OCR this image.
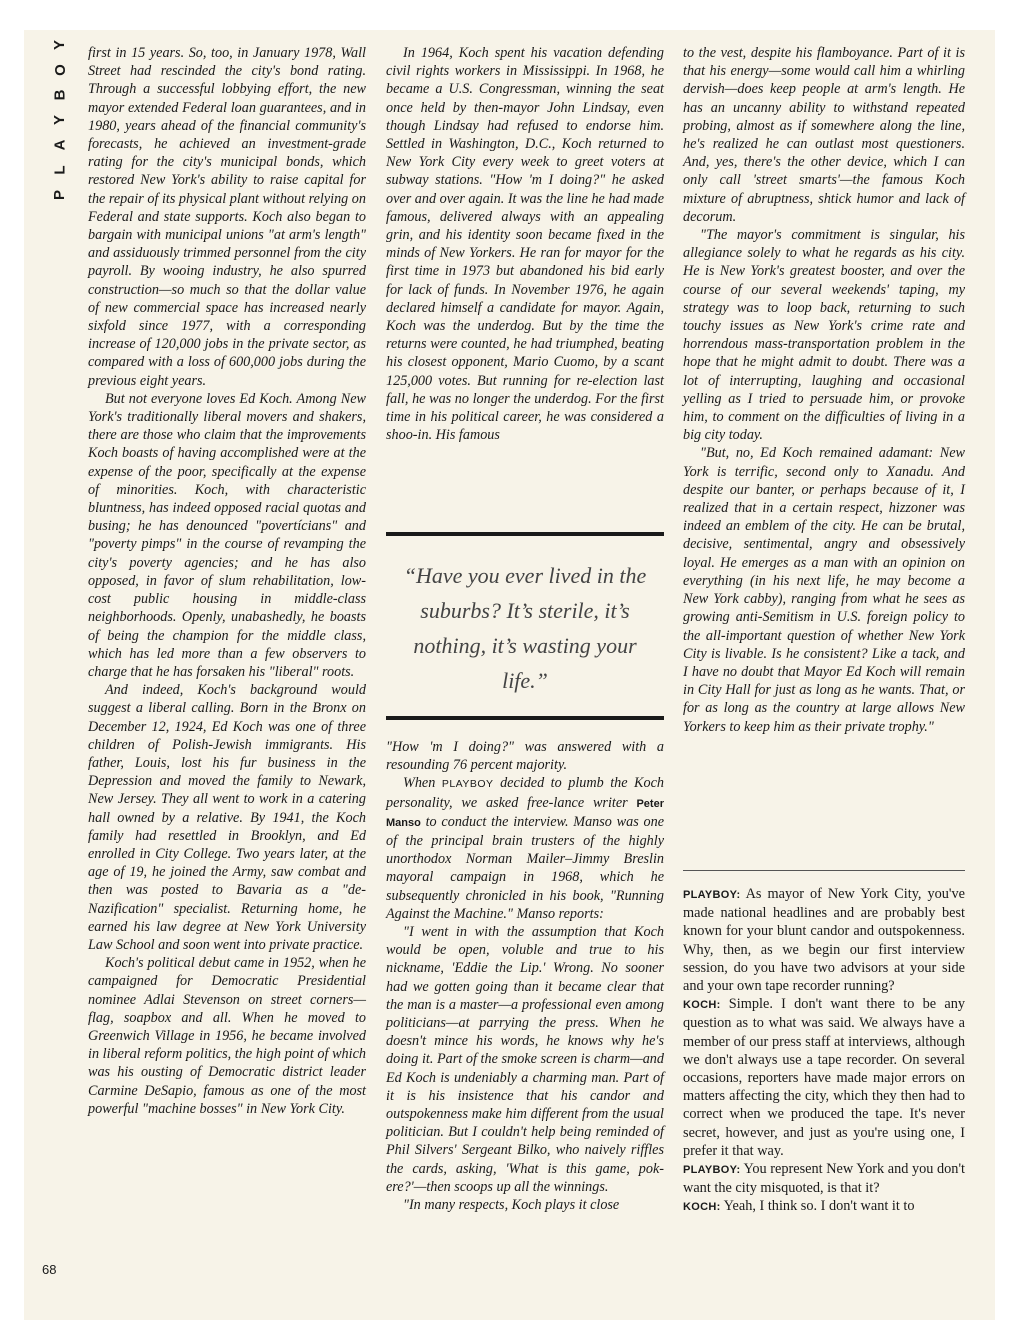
Y
O
B
Y
A
L
P
68

first in 15 years. So, too, in January 1978, Wall Street had rescinded the city's bond rating. Through a successful lobbying effort, the new mayor extended Federal loan guarantees, and in 1980, years ahead of the financial community's forecasts, he achieved an investment-grade rating for the city's municipal bonds, which restored New York's ability to raise capital for the repair of its physical plant without relying on Federal and state supports. Koch also began to bargain with municipal unions "at arm's length" and assiduously trimmed personnel from the city payroll. By wooing industry, he also spurred construction—so much so that the dollar value of new commercial space has increased nearly sixfold since 1977, with a corresponding increase of 120,000 jobs in the private sector, as compared with a loss of 600,000 jobs during the previous eight years.

But not everyone loves Ed Koch. Among New York's traditionally liberal movers and shakers, there are those who claim that the improvements Koch boasts of having accomplished were at the expense of the poor, specifically at the expense of minorities. Koch, with characteristic bluntness, has indeed opposed racial quotas and busing; he has denounced "povertícians" and "poverty pimps" in the course of revamping the city's poverty agencies; and he has also opposed, in favor of slum rehabilitation, low-cost public housing in middle-class neighborhoods. Openly, unabashedly, he boasts of being the champion for the middle class, which has led more than a few observers to charge that he has forsaken his "liberal" roots.

And indeed, Koch's background would suggest a liberal calling. Born in the Bronx on December 12, 1924, Ed Koch was one of three children of Polish-Jewish immigrants. His father, Louis, lost his fur business in the Depression and moved the family to Newark, New Jersey. They all went to work in a catering hall owned by a relative. By 1941, the Koch family had resettled in Brooklyn, and Ed enrolled in City College. Two years later, at the age of 19, he joined the Army, saw combat and then was posted to Bavaria as a "de-Nazification" specialist. Returning home, he earned his law degree at New York University Law School and soon went into private practice.

Koch's political debut came in 1952, when he campaigned for Democratic Presidential nominee Adlai Stevenson on street corners—flag, soapbox and all. When he moved to Greenwich Village in 1956, he became involved in liberal reform politics, the high point of which was his ousting of Democratic district leader Carmine DeSapio, famous as one of the most powerful "machine bosses" in New York City.

In 1964, Koch spent his vacation defending civil rights workers in Mississippi. In 1968, he became a U.S. Congressman, winning the seat once held by then-mayor John Lindsay, even though Lindsay had refused to endorse him. Settled in Washington, D.C., Koch returned to New York City every week to greet voters at subway stations. "How 'm I doing?" he asked over and over again. It was the line he had made famous, delivered always with an appealing grin, and his identity soon became fixed in the minds of New Yorkers. He ran for mayor for the first time in 1973 but abandoned his bid early for lack of funds. In November 1976, he again declared himself a candidate for mayor. Again, Koch was the underdog. But by the time the returns were counted, he had triumphed, beating his closest opponent, Mario Cuomo, by a scant 125,000 votes. But running for re-election last fall, he was no longer the underdog. For the first time in his political career, he was considered a shoo-in. His famous

“Have you ever lived in the suburbs? It’s sterile, it’s nothing, it’s wasting your life.”

"How 'm I doing?" was answered with a resounding 76 percent majority.

When PLAYBOY decided to plumb the Koch personality, we asked free-lance writer Peter Manso to conduct the interview. Manso was one of the principal brain trusters of the highly unorthodox Norman Mailer–Jimmy Breslin mayoral campaign in 1968, which he subsequently chronicled in his book, "Running Against the Machine." Manso reports:

"I went in with the assumption that Koch would be open, voluble and true to his nickname, 'Eddie the Lip.' Wrong. No sooner had we gotten going than it became clear that the man is a master—a professional even among politicians—at parrying the press. When he doesn't mince his words, he knows why he's doing it. Part of the smoke screen is charm—and Ed Koch is undeniably a charming man. Part of it is his insistence that his candor and outspokenness make him different from the usual politician. But I couldn't help being reminded of Phil Silvers' Sergeant Bilko, who naively riffles the cards, asking, 'What is this game, pok-ere?'—then scoops up all the winnings.

"In many respects, Koch plays it close

to the vest, despite his flamboyance. Part of it is that his energy—some would call him a whirling dervish—does keep people at arm's length. He has an uncanny ability to withstand repeated probing, almost as if somewhere along the line, he's realized he can outlast most questioners. And, yes, there's the other device, which I can only call 'street smarts'—the famous Koch mixture of abruptness, shtick humor and lack of decorum.

"The mayor's commitment is singular, his allegiance solely to what he regards as his city. He is New York's greatest booster, and over the course of our several weekends' taping, my strategy was to loop back, returning to such touchy issues as New York's crime rate and horrendous mass-transportation problem in the hope that he might admit to doubt. There was a lot of interrupting, laughing and occasional yelling as I tried to persuade him, or provoke him, to comment on the difficulties of living in a big city today.

"But, no, Ed Koch remained adamant: New York is terrific, second only to Xanadu. And despite our banter, or perhaps because of it, I realized that in a certain respect, hizzoner was indeed an emblem of the city. He can be brutal, decisive, sentimental, angry and obsessively loyal. He emerges as a man with an opinion on everything (in his next life, he may become a New York cabby), ranging from what he sees as growing anti-Semitism in U.S. foreign policy to the all-important question of whether New York City is livable. Is he consistent? Like a tack, and I have no doubt that Mayor Ed Koch will remain in City Hall for just as long as he wants. That, or for as long as the country at large allows New Yorkers to keep him as their private trophy."

PLAYBOY: As mayor of New York City, you've made national headlines and are probably best known for your blunt candor and outspokenness. Why, then, as we begin our first interview session, do you have two advisors at your side and your own tape recorder running?

KOCH: Simple. I don't want there to be any question as to what was said. We always have a member of our press staff at interviews, although we don't always use a tape recorder. On several occasions, reporters have made major errors on matters affecting the city, which they then had to correct when we produced the tape. It's never secret, however, and just as you're using one, I prefer it that way.

PLAYBOY: You represent New York and you don't want the city misquoted, is that it?

KOCH: Yeah, I think so. I don't want it to
